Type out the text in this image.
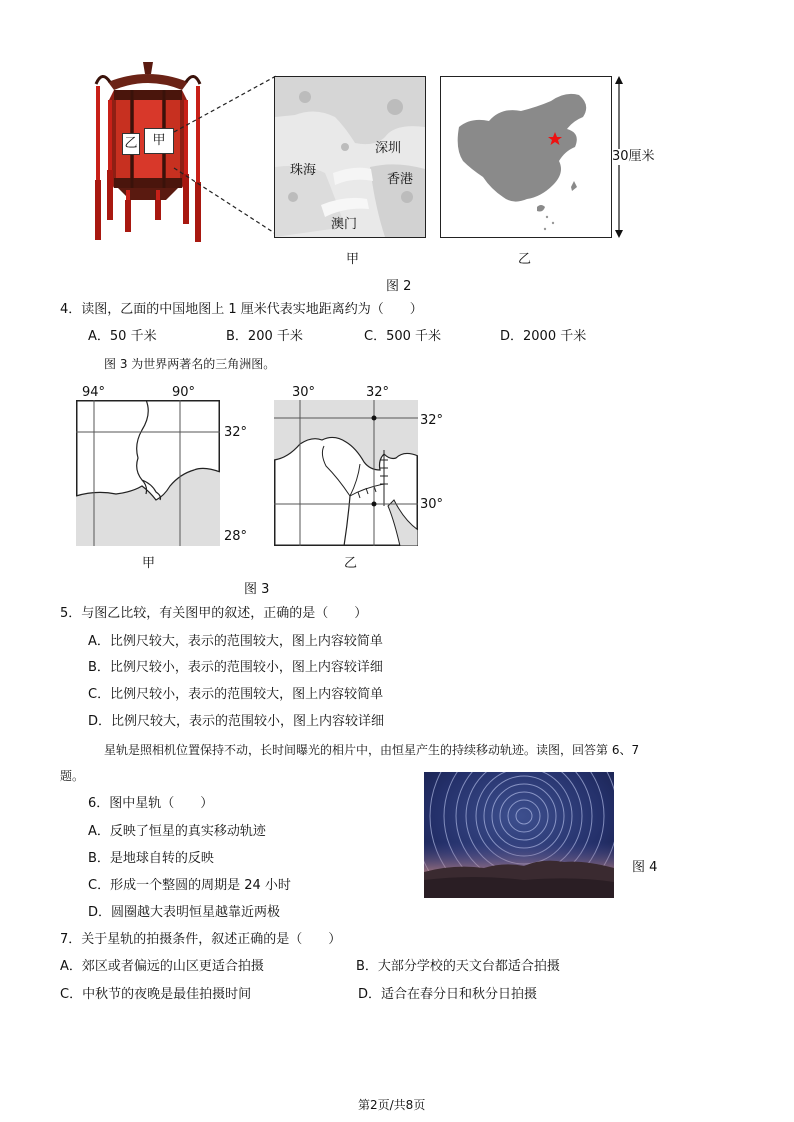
乙	甲
珠海
深圳
香港
澳门
甲	乙
30厘米
图 2
4．读图，乙面的中国地图上 1 厘米代表实地距离约为（　　）
A．50 千米	B．200 千米	C．500 千米	D．2000 千米
图 3 为世界两著名的三角洲图。
94°	90°
32°
28°
甲
30°	32°
32°
30°
乙
图 3
5．与图乙比较，有关图甲的叙述，正确的是（　　）
A．比例尺较大，表示的范围较大，图上内容较简单
B．比例尺较小，表示的范围较小，图上内容较详细
C．比例尺较小，表示的范围较大，图上内容较简单
D．比例尺较大，表示的范围较小，图上内容较详细
星轨是照相机位置保持不动，长时间曝光的相片中，由恒星产生的持续移动轨迹。读图，回答第 6、7
题。
6．图中星轨（　　）
A．反映了恒星的真实移动轨迹
B．是地球自转的反映
C．形成一个整圆的周期是 24 小时
D．圆圈越大表明恒星越靠近两极
图 4
7．关于星轨的拍摄条件，叙述正确的是（　　）
A．郊区或者偏远的山区更适合拍摄	B．大部分学校的天文台都适合拍摄
C．中秋节的夜晚是最佳拍摄时间	D．适合在春分日和秋分日拍摄
第2页/共8页
